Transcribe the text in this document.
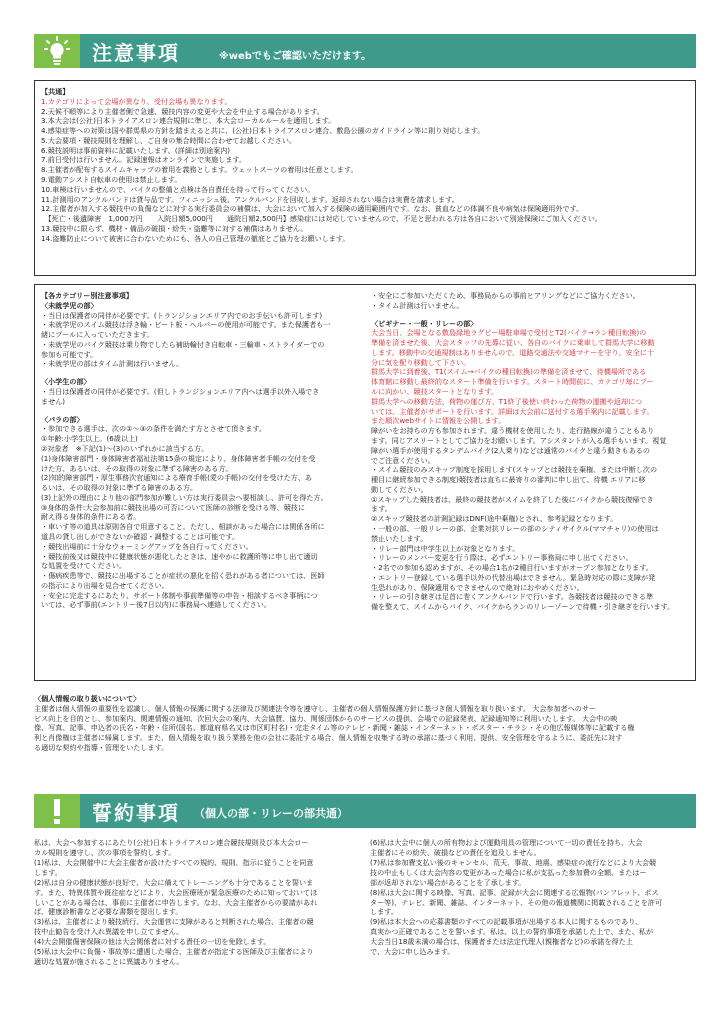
注意事項	※webでもご確認いただけます。
【共通】
1.カテゴリによって会場が異なり、受付会場も異なります。
2.天候不順等により主催者側で急遽、競技内容の変更や大会を中止する場合があります。
3.本大会は(公社)日本トライアスロン連合規則に準じ、本大会ローカルルールを適用します。
4.感染症等への対策は国や群馬県の方針を踏まえると共に、(公社)日本トライアスロン連合、敷島公園のガイドライン等に則り対応します。
5.大会要項・競技規則を理解し、ご自身の集合時間に合わせてお越しください。
6.競技説明は事前資料に記載いたします。(詳細は別途案内)
7.前日受付は行いません。記録速報はオンラインで実施します。
8.主催者が配布するスイムキャップの着用を義務とします。ウェットスーツの着用は任意とします。
9.電動アシスト自転車の使用は禁止します。
10.車検は行いませんので、バイクの整備と点検は各自責任を持って行ってください。
11.計測用のアンクルバンドは貸与品です。フィニッシュ後、アンクルバンドを回収します。返却されない場合は実費を請求します。
12.主催者が加入する競技中の負傷などに対する実行委員会の補償は、大会において加入する保険の適用範囲内です。なお、貧血などの体調不良や病気は保険適用外です。
　【死亡・後遺障害　1,000万円　　入院日額5,000円　　通院日額2,500円】感染症には対応していませんので、不足と思われる方は各自において別途保険にご加入ください。
13.競技中に限らず、機材・備品の破損・紛失・盗難等に対する補償はありません。
14.盗難防止について被害に合わないためにも、各人の自己管理の徹底とご協力をお願いします。
【各カテゴリー別注意事項】
〈未就学児の部〉
・当日は保護者の同伴が必要です。(トランジションエリア内でのお手伝いも許可します)
・未就学児のスイム競技は浮き輪・ビート板・ヘルパーの使用が可能です。また保護者も一
緒にプールに入っていただきます。
・未就学児のバイク競技は乗り物でしたら補助輪付き自転車・三輪車・ストライダーでの
参加も可能です。
・未就学児の部はタイム計測は行いません。
〈小学生の部〉
・当日は保護者の同伴が必要です。(但しトランジションエリア内へは選手以外入場でき
ません)
〈パラの部〉
・参加できる選手は、次の①〜③の条件を満たす方とさせて頂きます。
①年齢:小学生以上。(6歳以上)
②対象者　※下記(1)〜(3)のいずれかに該当する方。
(1)身体障害部門・身体障害者福祉法第15条の規定により、身体障害者手帳の交付を受
けた方、あるいは、その取得の対象に準ずる障害のある方。
(2)知的障害部門・厚生事務次官通知による療育手帳(愛の手帳)の交付を受けた方、あ
るいは、その取得の対象に準ずる障害のある方。
(3)上記外の理由により他の部門参加が難しい方は実行委員会へ要相談し、許可を得た方。
③身体的条件:大会参加前に競技出場の可否について医師の診断を受ける等、競技に
耐え得る身体的条件にある者。
・車いす等の道具は原則各自で用意すること。ただし、相談があった場合には関係各所に
道具の貸し出しができないか確認・調整することは可能です。
・競技出場前に十分なウォーミングアップを各自行ってください。
・競技前後又は競技中に健康状態が悪化したときは、速やかに救護所等に申し出て適切
な処置を受けてください。
・傷病疾患等で、競技に出場することが症状の悪化を招く恐れがある者については、医師
の指示により出場を見合せてください。
・安全に完走するにあたり、サポート体制や事前準備等の申告・相談するべき事柄につ
いては、必ず事前(エントリー後7日以内)に事務局へ連絡してください。
・安全にご参加いただくため、事務局からの事前ヒアリングなどにご協力ください。
・タイム計測は行いません。
〈ビギナー・一般・リレーの部〉
大会当日、会場となる敷島緑地ラグビー場駐車場で受付とT2(バイク→ラン種目転換)の
準備を済ませた後、大会スタッフの先導に従い、各自のバイクに乗車して群馬大学に移動
します。移動中の交通規制はありませんので、道路交通法や交通マナーを守り、安全に十
分に気を配り移動して下さい。
群馬大学に到着後、T1(スイム→バイクの種目転換)の準備を済ませて、待機場所である
体育館に移動し最終的なスタート準備を行います。スタート時間前に、カテゴリ毎にプー
ルに向かい、競技スタートとなります。
群馬大学への移動方法、荷物の運び方、T1終了後使い終わった荷物の運搬や返却につ
いては、主催者がサポートを行います。詳細は大会前に送付する選手案内に記載します。
また順次webサイトに情報を公開します。
障がいをお持ちの方も参加されます。違う機材を使用したり、走行路線が違うこともあり
ます。同じアスリートとしてご協力をお願いします。アシスタントが入る選手もいます。視覚
障がい選手が使用するタンデムバイク(2人乗り)などは通常のバイクと違う動きもあるの
でご注意ください。
・スイム競技のみスキップ制度を採用します(スキップとは競技を棄権、または中断し次の
種目に継続参加できる制度)競技者は直ちに最寄りの審判に申し出て、待機 エリアに移
動してください。
①スキップした競技者は、最終の競技者がスイムを終了した後にバイクから競技復帰でき
ます。
②スキップ競技者の計測記録はDNF(途中棄権)とされ、参考記録となります。
・一般の部、一般リレーの部、企業対抗リレーの部のシティサイクル(ママチャリ)の使用は
禁止いたします。
・リレー部門は中学生以上が対象となります。
・リレーのメンバー変更を行う際は、必ずエントリー事務局に申し出てください。
・2名での参加も認めますが、その場合1名が2種目行いますがオープン参加となります。
・エントリー登録している選手以外の代替出場はできません。緊急時対応の際に支障が発
生恐れがあり、保険適用もできませんので絶対におやめください。
・リレーの引き継ぎは足首に巻くアンクルバンドで行います。各競技者は競技のできる準
備を整えて、スイムからバイク、バイクからランのリレーゾーンで待機・引き継ぎを行います。
〈個人情報の取り扱いについて〉
主催者は個人情報の重要性を認識し、個人情報の保護に関する法律及び関連法令等を遵守し、主催者の個人情報保護方針に基づき個人情報を取り扱います。 大会参加者へのサー
ビス向上を目的とし、参加案内、関連情報の通知、次回大会の案内、大会協賛、協力、関係団体からのサービスの提供、会場での記録発表、記録通知等に利用いたします。 大会中の映
像、写真、記事、申込者の氏名・年齢・住所(国名、都道府県名又は市区町村名)・完走タイム等のテレビ・新聞・雑誌・インターネット・ポスター・チラシ・その他広報媒体等に記載する権
利と肖像権は主催者に帰属します。また、個人情報を取り扱う業務を他の会社に委託する場合、個人情報を収集する時の承諾に基づく利用、提供、安全管理を守るように、委託先に対す
る適切な契約や指導・管理をいたします。
誓約事項 （個人の部・リレーの部共通）
私は、大会へ参加するにあたり(公社)日本トライアスロン連合競技規則及び本大会ロー
カル規則を遵守し、次の事項を誓約します。
(1)私は、大会開催中に大会主催者が設けたすべての規約、規則、指示に従うことを同意
します。
(2)私は自分の健康状態が良好で、大会に備えてトレーニングも十分であることを誓いま
す。また、特異体質や既往症などにより、大会医療班が緊急医療のために知っておいてほ
しいことがある場合は、事前に主催者に申告します。なお、大会主催者からの要請があれ
ば、健康診断書など必要な書類を提出します。
(3)私は、主催者により競技続行、大会運営に支障があると判断された場合、主催者の競
技中止勧告を受け入れ異議を申し立てません。
(4)大会開催傷害保険の他は大会関係者に対する責任の一切を免除します。
(5)私は大会中に負傷・事故等に遭遇した場合、主催者が指定する医師及び主催者により
適切な処置が施されることに異議ありません。
(6)私は大会中に個人の所有物および運動用具の管理について一切の責任を持ち、大会
主催者にその紛失、破損などの責任を追及しません。
(7)私は参加費支払い後のキャンセル、荒天、事故、地震、感染症の流行などにより大会競
技の中止もしくは大会内容の変更があった場合に私が支払った参加費の全額、またはー
部が返却されない場合があることを了承します。
(8)私は大会に関する映像、写真、記事、記録が大会に関連する広報物(パンフレット、ポス
ター等)、テレビ、新聞、雑誌、インターネット、その他の報道機関に掲載されることを許可
します。
(9)私は本大会への応募書類のすべての記載事項が出場する本人に関するものであり、
真実かつ正確であることを誓います。私は、以上の誓約事項を承諾した上で、また、私が
大会当日18歳未満の場合は、保護者または法定代理人(親権者など)の承諾を得た上
で、大会に申し込みます。
